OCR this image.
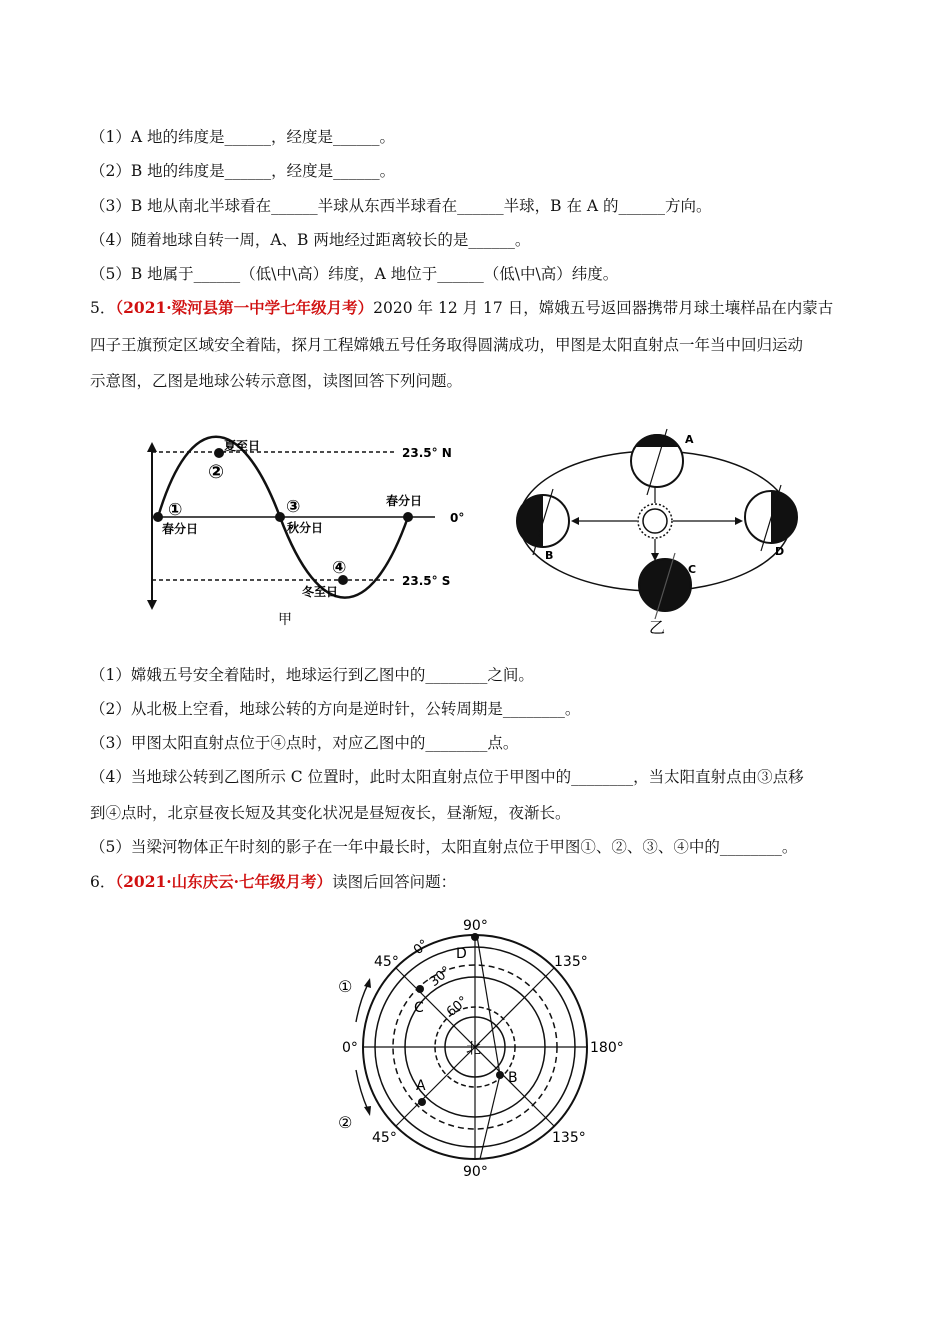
（1）A 地的纬度是______，经度是______。
（2）B 地的纬度是______，经度是______。
（3）B 地从南北半球看在______半球从东西半球看在______半球，B 在 A 的______方向。
（4）随着地球自转一周，A、B 两地经过距离较长的是______。
（5）B 地属于______（低\中\高）纬度，A 地位于______（低\中\高）纬度。
5．（2021·梁河县第一中学七年级月考）2020 年 12 月 17 日，嫦娥五号返回器携带月球土壤样品在内蒙古
四子王旗预定区域安全着陆，探月工程嫦娥五号任务取得圆满成功，甲图是太阳直射点一年当中回归运动
示意图，乙图是地球公转示意图，读图回答下列问题。
①
②
③
④
春分日
夏至日
秋分日
冬至日
春分日
23.5° N
0°
23.5° S
甲
A
B
C
D
乙
（1）嫦娥五号安全着陆时，地球运行到乙图中的________之间。
（2）从北极上空看，地球公转的方向是逆时针，公转周期是________。
（3）甲图太阳直射点位于④点时，对应乙图中的________点。
（4）当地球公转到乙图所示 C 位置时，此时太阳直射点位于甲图中的________，当太阳直射点由③点移
到④点时，北京昼夜长短及其变化状况是昼短夜长，昼渐短，夜渐长。
（5）当梁河物体正午时刻的影子在一年中最长时，太阳直射点位于甲图①、②、③、④中的________。
6．（2021·山东庆云·七年级月考）读图后回答问题：
D
C
B
A
北
90°
90°
0°	180°
45°
45°
135°
135°
0°
30°
60°
①
②
